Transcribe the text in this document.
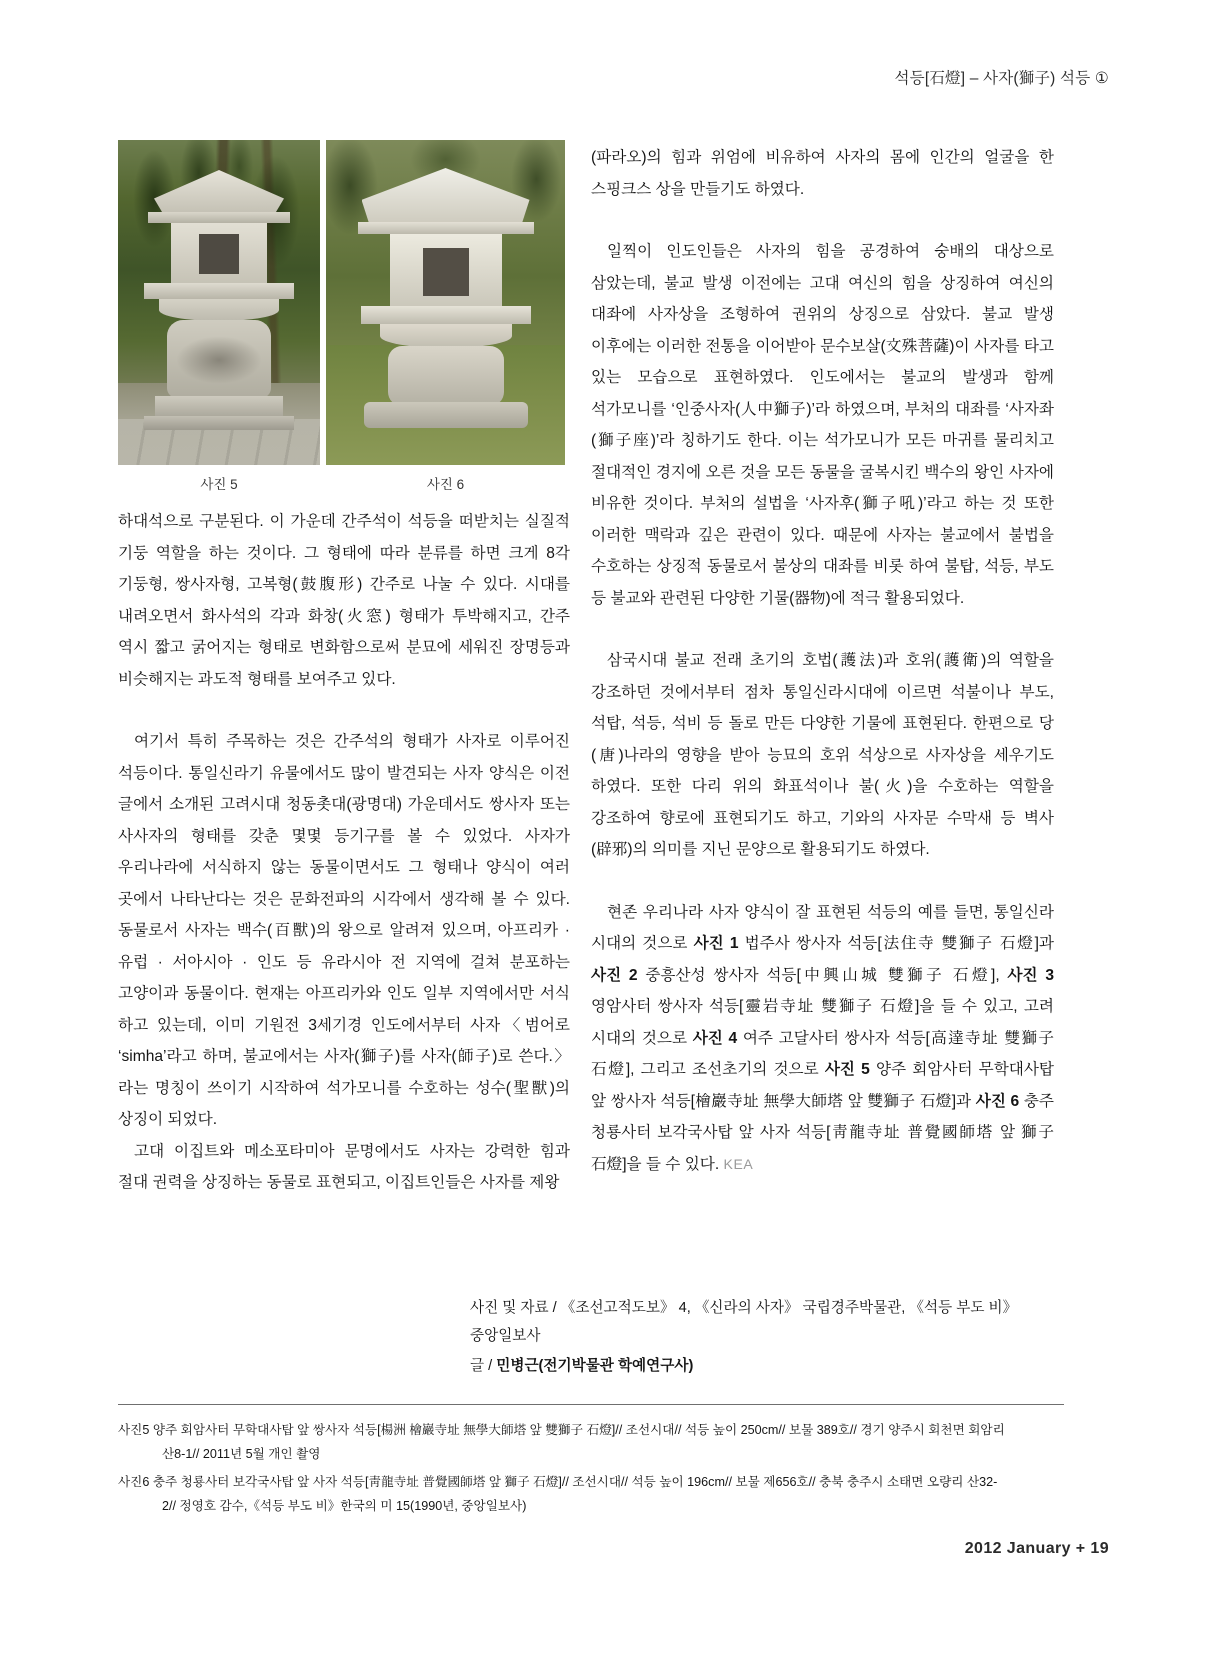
석등[石燈] – 사자(獅子) 석등 ①
사진 5	사진 6

하대석으로 구분된다. 이 가운데 간주석이 석등을 떠받치는 실질적 기둥 역할을 하는 것이다. 그 형태에 따라 분류를 하면 크게 8각 기둥형, 쌍사자형, 고복형(鼓腹形) 간주로 나눌 수 있다. 시대를 내려오면서 화사석의 각과 화창(火窓) 형태가 투박해지고, 간주 역시 짧고 굵어지는 형태로 변화함으로써 분묘에 세워진 장명등과 비슷해지는 과도적 형태를 보여주고 있다.

여기서 특히 주목하는 것은 간주석의 형태가 사자로 이루어진 석등이다. 통일신라기 유물에서도 많이 발견되는 사자 양식은 이전 글에서 소개된 고려시대 청동촛대(광명대) 가운데서도 쌍사자 또는 사사자의 형태를 갖춘 몇몇 등기구를 볼 수 있었다. 사자가 우리나라에 서식하지 않는 동물이면서도 그 형태나 양식이 여러 곳에서 나타난다는 것은 문화전파의 시각에서 생각해 볼 수 있다. 동물로서 사자는 백수(百獸)의 왕으로 알려져 있으며, 아프리카 · 유럽 · 서아시아 · 인도 등 유라시아 전 지역에 걸쳐 분포하는 고양이과 동물이다. 현재는 아프리카와 인도 일부 지역에서만 서식 하고 있는데, 이미 기원전 3세기경 인도에서부터 사자〈범어로 ‘simha’라고 하며, 불교에서는 사자(獅子)를 사자(師子)로 쓴다.〉라는 명칭이 쓰이기 시작하여 석가모니를 수호하는 성수(聖獸)의 상징이 되었다.

고대 이집트와 메소포타미아 문명에서도 사자는 강력한 힘과 절대 권력을 상징하는 동물로 표현되고, 이집트인들은 사자를 제왕

(파라오)의 힘과 위엄에 비유하여 사자의 몸에 인간의 얼굴을 한 스핑크스 상을 만들기도 하였다.

일찍이 인도인들은 사자의 힘을 공경하여 숭배의 대상으로 삼았는데, 불교 발생 이전에는 고대 여신의 힘을 상징하여 여신의 대좌에 사자상을 조형하여 권위의 상징으로 삼았다. 불교 발생 이후에는 이러한 전통을 이어받아 문수보살(文殊菩薩)이 사자를 타고 있는 모습으로 표현하였다. 인도에서는 불교의 발생과 함께 석가모니를 ‘인중사자(人中獅子)’라 하였으며, 부처의 대좌를 ‘사자좌(獅子座)’라 칭하기도 한다. 이는 석가모니가 모든 마귀를 물리치고 절대적인 경지에 오른 것을 모든 동물을 굴복시킨 백수의 왕인 사자에 비유한 것이다. 부처의 설법을 ‘사자후(獅子吼)’라고 하는 것 또한 이러한 맥락과 깊은 관련이 있다. 때문에 사자는 불교에서 불법을 수호하는 상징적 동물로서 불상의 대좌를 비롯 하여 불탑, 석등, 부도 등 불교와 관련된 다양한 기물(器物)에 적극 활용되었다.

삼국시대 불교 전래 초기의 호법(護法)과 호위(護衛)의 역할을 강조하던 것에서부터 점차 통일신라시대에 이르면 석불이나 부도, 석탑, 석등, 석비 등 돌로 만든 다양한 기물에 표현된다. 한편으로 당(唐)나라의 영향을 받아 능묘의 호위 석상으로 사자상을 세우기도 하였다. 또한 다리 위의 화표석이나 불(火)을 수호하는 역할을 강조하여 향로에 표현되기도 하고, 기와의 사자문 수막새 등 벽사(辟邪)의 의미를 지닌 문양으로 활용되기도 하였다.

현존 우리나라 사자 양식이 잘 표현된 석등의 예를 들면, 통일신라 시대의 것으로 사진 1 법주사 쌍사자 석등[法住寺 雙獅子 石燈]과 사진 2 중흥산성 쌍사자 석등[中興山城 雙獅子 石燈], 사진 3 영암사터 쌍사자 석등[靈岩寺址 雙獅子 石燈]을 들 수 있고, 고려 시대의 것으로 사진 4 여주 고달사터 쌍사자 석등[高達寺址 雙獅子 石燈], 그리고 조선초기의 것으로 사진 5 양주 회암사터 무학대사탑 앞 쌍사자 석등[檜巖寺址 無學大師塔 앞 雙獅子 石燈]과 사진 6 충주 청룡사터 보각국사탑 앞 사자 석등[靑龍寺址 普覺國師塔 앞 獅子 石燈]을 들 수 있다. KEA

사진 및 자료 / 《조선고적도보》 4, 《신라의 사자》 국립경주박물관, 《석등 부도 비》 중앙일보사
글 / 민병근(전기박물관 학예연구사)
사진5 양주 회암사터 무학대사탑 앞 쌍사자 석등[楊洲 檜巖寺址 無學大師塔 앞 雙獅子 石燈]// 조선시대// 석등 높이 250cm// 보물 389호// 경기 양주시 회천면 회암리
산8-1// 2011년 5월 개인 촬영
사진6 충주 청룡사터 보각국사탑 앞 사자 석등[靑龍寺址 普覺國師塔 앞 獅子 石燈]// 조선시대// 석등 높이 196cm// 보물 제656호// 충북 충주시 소태면 오량리 산32-
2// 정영호 감수,《석등 부도 비》한국의 미 15(1990년, 중앙일보사)
2012 January + 19
